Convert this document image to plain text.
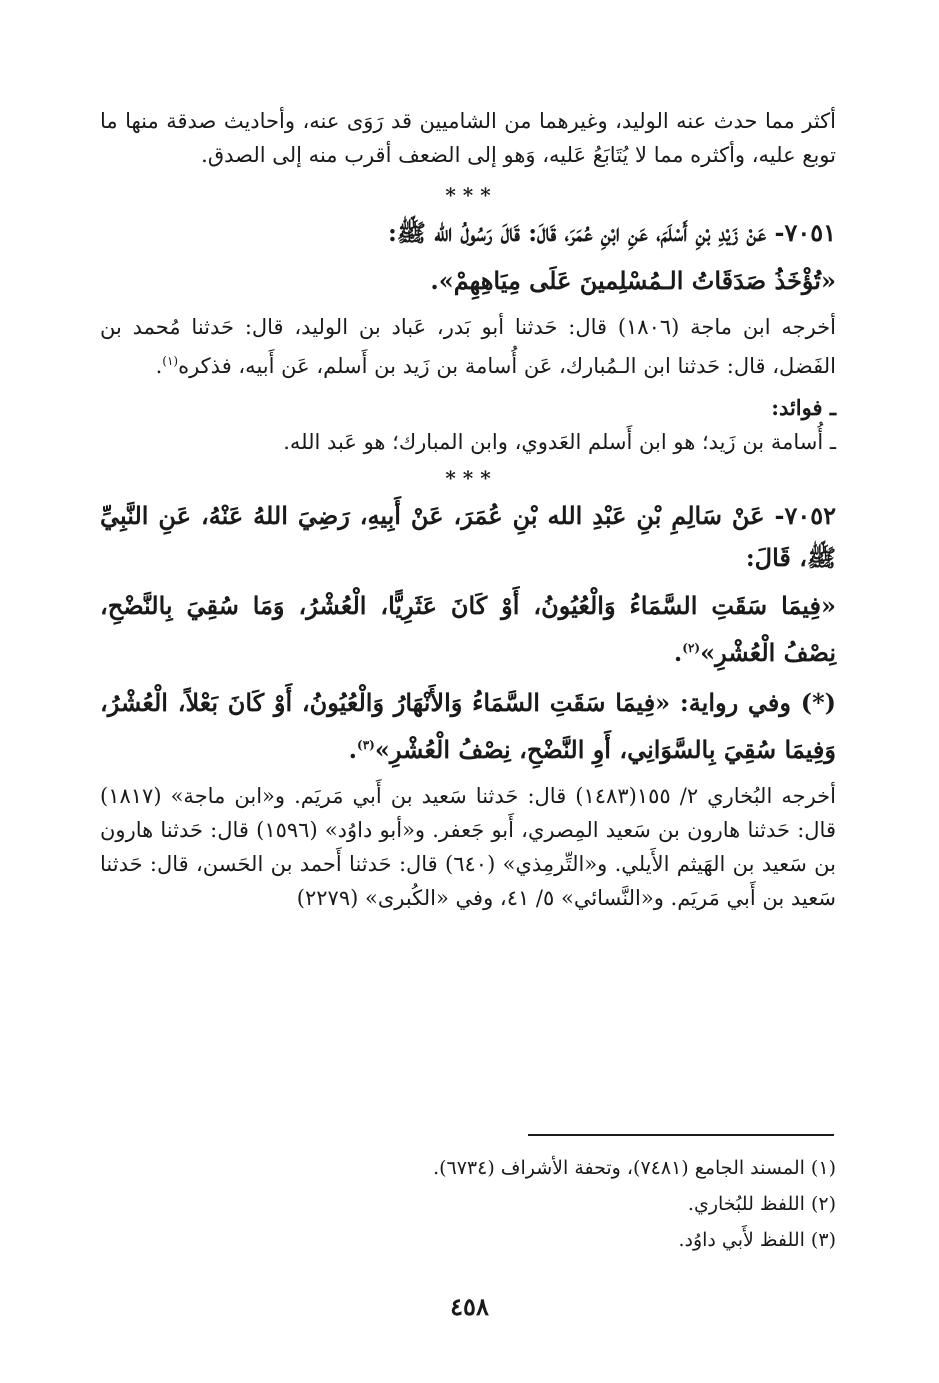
أكثر مما حدث عنه الوليد، وغيرهما من الشاميين قد رَوَى عنه، وأحاديث صدقة منها ما توبع عليه، وأكثره مما لا يُتَابَعُ عَليه، وَهو إلى الضعف أقرب منه إلى الصدق.

* * *

٧٠٥١- عَنْ زَيْدِ بْنِ أَسْلَمَ، عَنِ ابْنِ عُمَرَ، قَالَ: قَالَ رَسُولُ الله ﷺ:

«تُؤْخَذُ صَدَقَاتُ الـمُسْلِمينَ عَلَى مِيَاهِهِمْ».

أخرجه ابن ماجة (١٨٠٦) قال: حَدثنا أبو بَدر، عَباد بن الوليد، قال: حَدثنا مُحمد بن الفَضل، قال: حَدثنا ابن الـمُبارك، عَن أُسامة بن زَيد بن أَسلم، عَن أَبيه، فذكره$^{(١)}$.

ـ فوائد:

ـ أُسامة بن زَيد؛ هو ابن أَسلم العَدوي، وابن المبارك؛ هو عَبد الله.

* * *

٧٠٥٢- عَنْ سَالِمِ بْنِ عَبْدِ الله بْنِ عُمَرَ، عَنْ أَبِيهِ، رَضِيَ اللهُ عَنْهُ، عَنِ النَّبِيِّ ﷺ، قَالَ:

«فِيمَا سَقَتِ السَّمَاءُ وَالْعُيُونُ، أَوْ كَانَ عَثَرِيًّا، الْعُشْرُ، وَمَا سُقِيَ بِالنَّضْحِ، نِصْفُ الْعُشْرِ»$^{(٢)}$.

(*) وفي رواية: «فِيمَا سَقَتِ السَّمَاءُ وَالأَنْهَارُ وَالْعُيُونُ، أَوْ كَانَ بَعْلاً، الْعُشْرُ، وَفِيمَا سُقِيَ بِالسَّوَانِي، أَوِ النَّضْحِ، نِصْفُ الْعُشْرِ»$^{(٣)}$.

أخرجه البُخاري ٢/ ١٥٥(١٤٨٣) قال: حَدثنا سَعيد بن أَبي مَريَم. و«ابن ماجة» (١٨١٧) قال: حَدثنا هارون بن سَعيد المِصري، أَبو جَعفر. و«أبو داوُد» (١٥٩٦) قال: حَدثنا هارون بن سَعيد بن الهَيثم الأَيلي. و«التِّرمِذي» (٦٤٠) قال: حَدثنا أَحمد بن الحَسن، قال: حَدثنا سَعيد بن أَبي مَريَم. و«النَّسائي» ٥/ ٤١، وفي «الكُبرى» (٢٢٧٩)

(١) المسند الجامع (٧٤٨١)، وتحفة الأشراف (٦٧٣٤).

(٢) اللفظ للبُخاري.

(٣) اللفظ لأَبي داوُد.

٤٥٨
